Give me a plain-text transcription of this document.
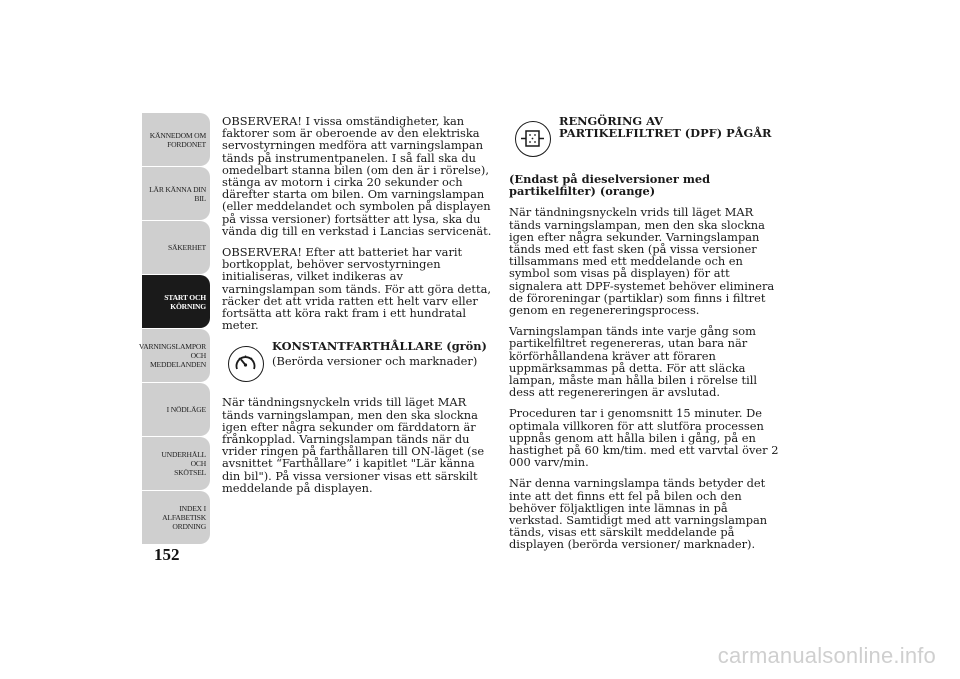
KÄNNEDOM OM
FORDONET
LÄR KÄNNA DIN
BIL
SÄKERHET
START OCH
KÖRNING
VARNINGSLAMPOR
OCH
MEDDELANDEN
I NÖDLÄGE
UNDERHÅLL OCH
SKÖTSEL
INDEX I
ALFABETISK
ORDNING
152

OBSERVERA! I vissa omständigheter, kan faktorer som är oberoende av den elektriska servostyrningen medföra att varningslampan tänds på instrumentpanelen. I så fall ska du omedelbart stanna bilen (om den är i rörelse), stänga av motorn i cirka 20 sekunder och därefter starta om bilen. Om varningslampan (eller meddelandet och symbolen på displayen på vissa versioner) fortsätter att lysa, ska du vända dig till en verkstad i Lancias servicenät.

OBSERVERA! Efter att batteriet har varit bortkopplat, behöver servostyrningen initialiseras, vilket indikeras av varningslampan som tänds. För att göra detta, räcker det att vrida ratten ett helt varv eller fortsätta att köra rakt fram i ett hundratal meter.

KONSTANTFARTHÅLLARE (grön)

(Berörda versioner och marknader)

När tändningsnyckeln vrids till läget MAR tänds varningslampan, men den ska slockna igen efter några sekunder om färddatorn är frånkopplad. Varningslampan tänds när du vrider ringen på farthållaren till ON-läget (se avsnittet “Farthållare” i kapitlet "Lär känna din bil"). På vissa versioner visas ett särskilt meddelande på displayen.

RENGÖRING AV PARTIKELFILTRET (DPF) PÅGÅR

(Endast på dieselversioner med partikelfilter) (orange)

När tändningsnyckeln vrids till läget MAR tänds varningslampan, men den ska slockna igen efter några sekunder. Varningslampan tänds med ett fast sken (på vissa versioner tillsammans med ett meddelande och en symbol som visas på displayen) för att signalera att DPF-systemet behöver eliminera de föroreningar (partiklar) som finns i filtret genom en regenereringsprocess.

Varningslampan tänds inte varje gång som partikelfiltret regenereras, utan bara när körförhållandena kräver att föraren uppmärksammas på detta. För att släcka lampan, måste man hålla bilen i rörelse till dess att regenereringen är avslutad.

Proceduren tar i genomsnitt 15 minuter. De optimala villkoren för att slutföra processen uppnås genom att hålla bilen i gång, på en hastighet på 60 km/tim. med ett varvtal över 2 000 varv/min.

När denna varningslampa tänds betyder det inte att det finns ett fel på bilen och den behöver följaktligen inte lämnas in på verkstad. Samtidigt med att varningslampan tänds, visas ett särskilt meddelande på displayen (berörda versioner/ marknader).

carmanualsonline.info
